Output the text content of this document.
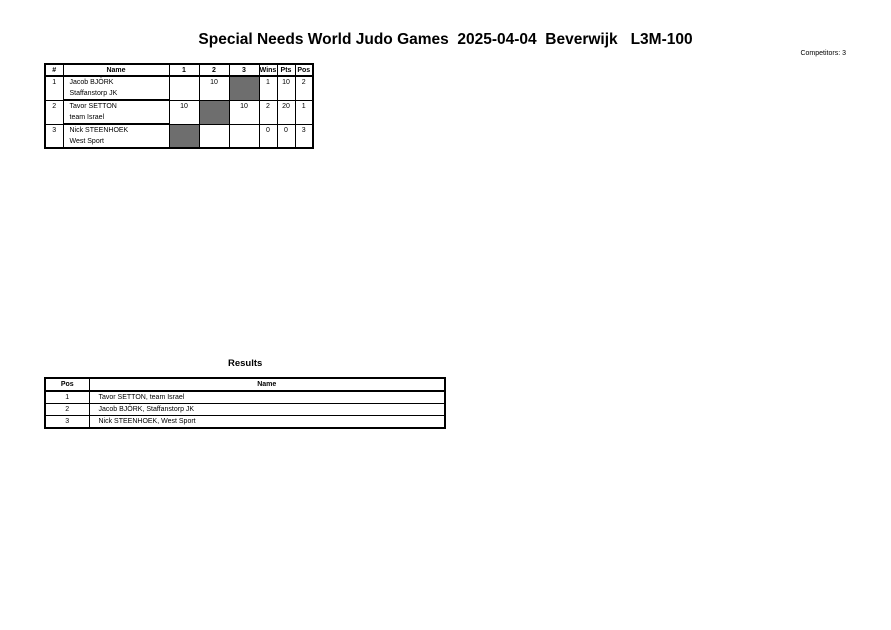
Special Needs World Judo Games  2025-04-04  Beverwijk   L3M-100
Competitors: 3
#	Name	1	2	3	Wins	Pts	Pos
1	Jacob BJÖRK		10		1	10	2
	Staffanstorp JK						
2	Tavor SETTON	10		10	2	20	1
	team Israel						
3	Nick STEENHOEK				0	0	3
	West Sport						
Results
Pos	Name
1	Tavor SETTON, team Israel
2	Jacob BJÖRK, Staffanstorp JK
3	Nick STEENHOEK, West Sport
